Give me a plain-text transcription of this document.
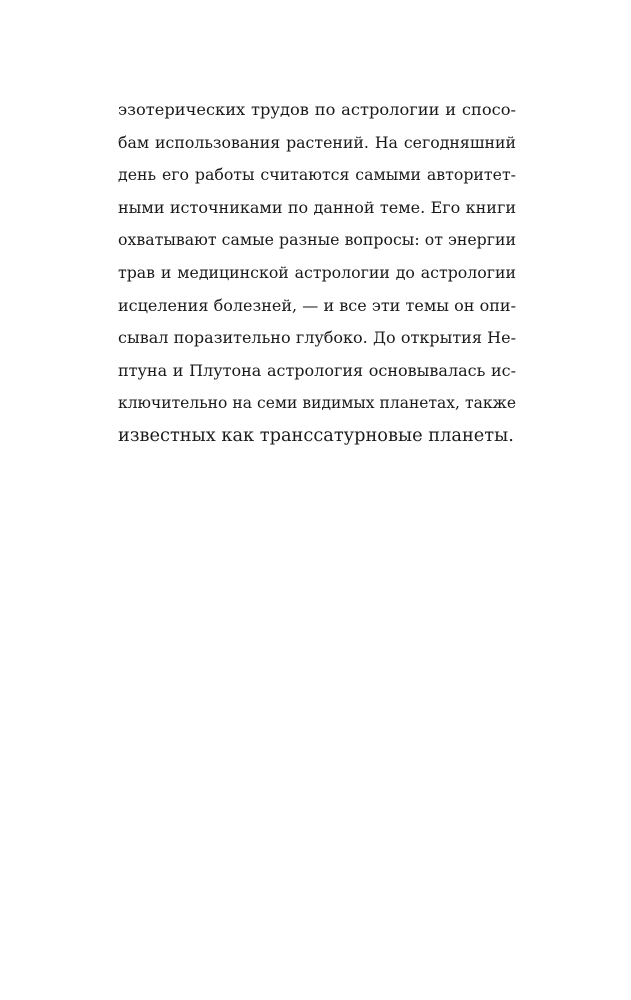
эзотерических трудов по астрологии и спосо-
бам использования растений. На сегодняшний
день его работы считаются самыми авторитет-
ными источниками по данной теме. Его книги
охватывают самые разные вопросы: от энергии
трав и медицинской астрологии до астрологии
исцеления болезней, — и все эти темы он опи-
сывал поразительно глубоко. До открытия Не-
птуна и Плутона астрология основывалась ис-
ключительно на семи видимых планетах, также
известных как транссатурновые планеты.
